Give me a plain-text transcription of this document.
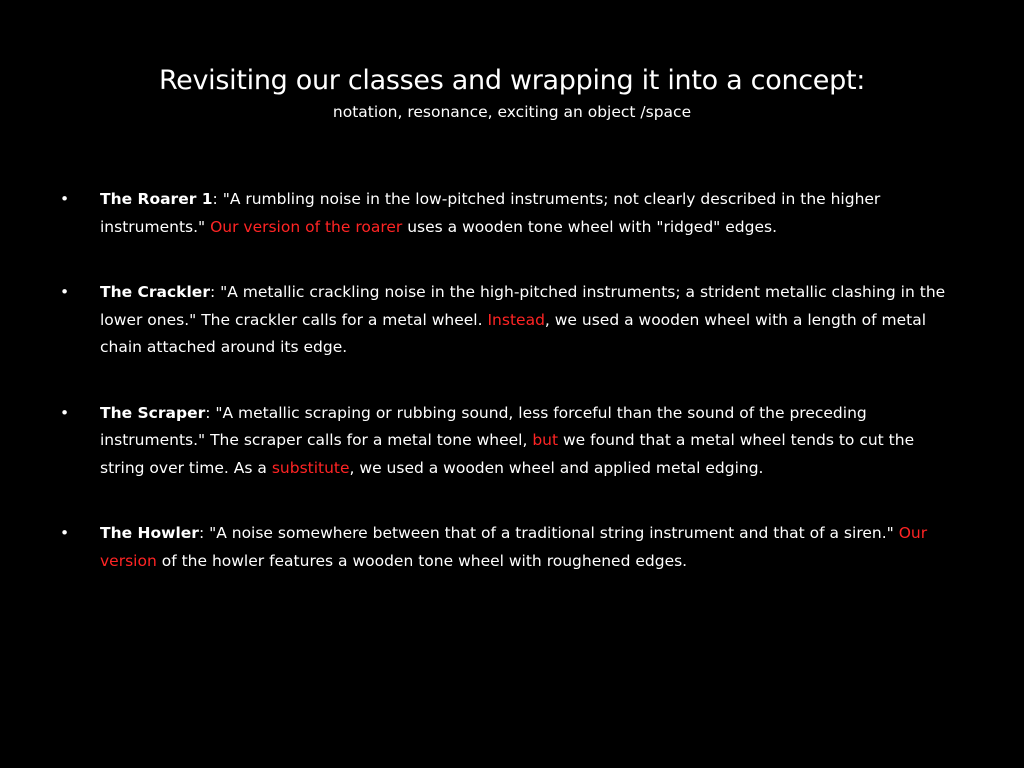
Revisiting our classes and wrapping it into a concept:
notation, resonance, exciting an object /space
•	The Roarer 1: "A rumbling noise in the low-pitched instruments; not clearly described in the higher instruments." Our version of the roarer uses a wooden tone wheel with "ridged" edges.
•	The Crackler: "A metallic crackling noise in the high-pitched instruments; a strident metallic clashing in the lower ones." The crackler calls for a metal wheel. Instead, we used a wooden wheel with a length of metal chain attached around its edge.
•	The Scraper: "A metallic scraping or rubbing sound, less forceful than the sound of the preceding instruments." The scraper calls for a metal tone wheel, but we found that a metal wheel tends to cut the string over time. As a substitute, we used a wooden wheel and applied metal edging.
•	The Howler: "A noise somewhere between that of a traditional string instrument and that of a siren." Our version of the howler features a wooden tone wheel with roughened edges.
